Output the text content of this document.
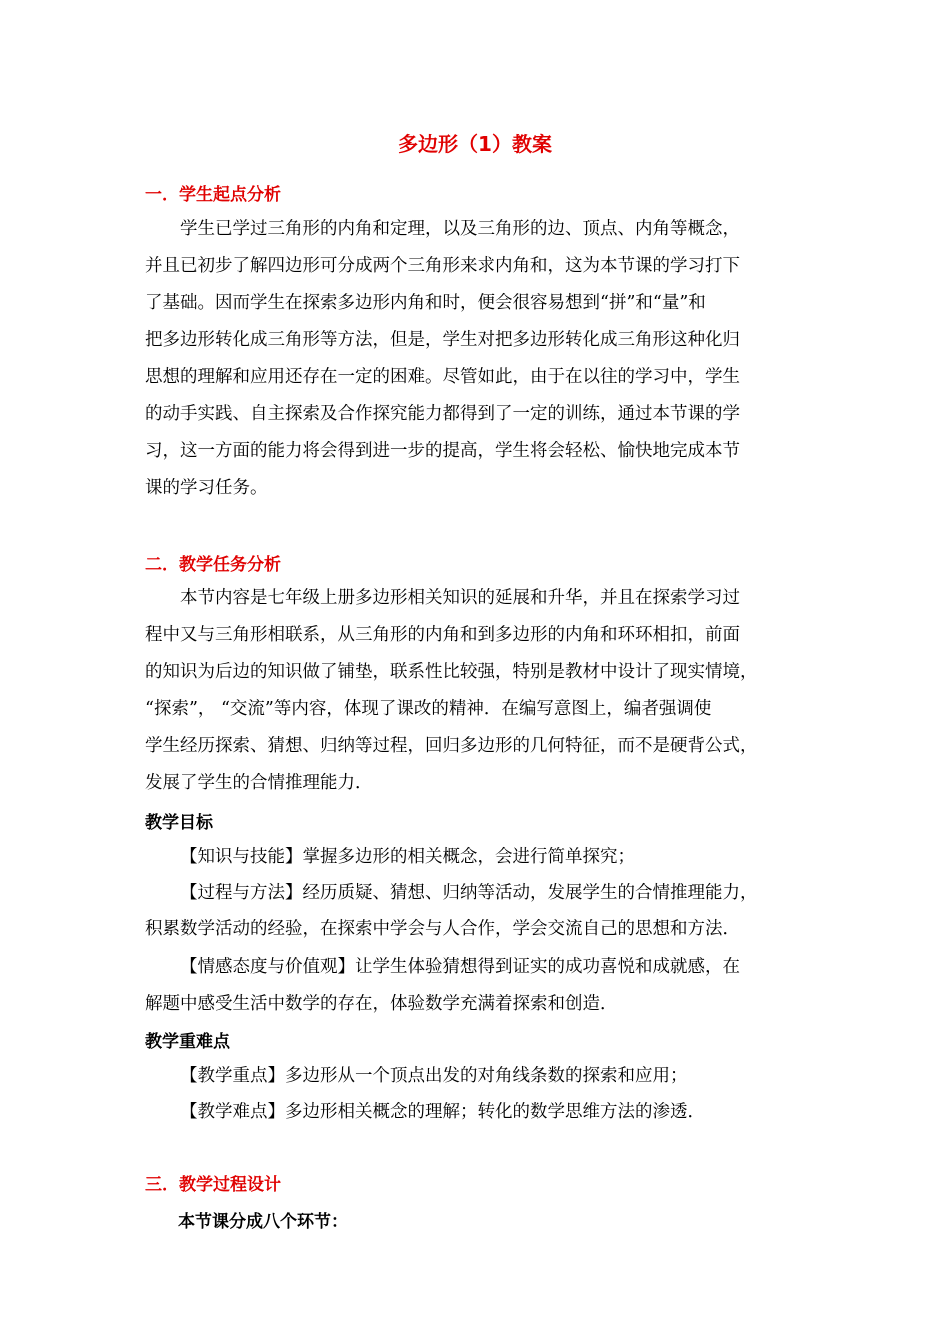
多边形（1）教案
一．学生起点分析
学生已学过三角形的内角和定理，以及三角形的边、顶点、内角等概念，
并且已初步了解四边形可分成两个三角形来求内角和，这为本节课的学习打下
了基础。因而学生在探索多边形内角和时，便会很容易想到“拼”和“量”和
把多边形转化成三角形等方法，但是，学生对把多边形转化成三角形这种化归
思想的理解和应用还存在一定的困难。尽管如此，由于在以往的学习中，学生
的动手实践、自主探索及合作探究能力都得到了一定的训练，通过本节课的学
习，这一方面的能力将会得到进一步的提高，学生将会轻松、愉快地完成本节
课的学习任务。
二．教学任务分析
本节内容是七年级上册多边形相关知识的延展和升华，并且在探索学习过
程中又与三角形相联系，从三角形的内角和到多边形的内角和环环相扣，前面
的知识为后边的知识做了铺垫，联系性比较强，特别是教材中设计了现实情境，
“探索”， “交流”等内容，体现了课改的精神．在编写意图上，编者强调使
学生经历探索、猜想、归纳等过程，回归多边形的几何特征，而不是硬背公式，
发展了学生的合情推理能力．
教学目标
【知识与技能】掌握多边形的相关概念，会进行简单探究；
【过程与方法】经历质疑、猜想、归纳等活动，发展学生的合情推理能力，
积累数学活动的经验，在探索中学会与人合作，学会交流自己的思想和方法．
【情感态度与价值观】让学生体验猜想得到证实的成功喜悦和成就感，在
解题中感受生活中数学的存在，体验数学充满着探索和创造．
教学重难点
【教学重点】多边形从一个顶点出发的对角线条数的探索和应用；
【教学难点】多边形相关概念的理解；转化的数学思维方法的渗透．
三．教学过程设计
本节课分成八个环节：
